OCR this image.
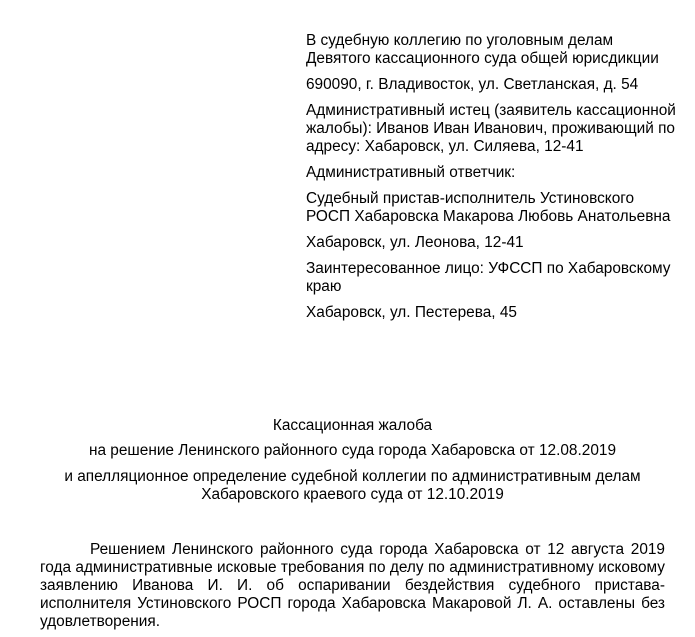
В судебную коллегию по уголовным делам Девятого кассационного суда общей юрисдикции

690090, г. Владивосток, ул. Светланская, д. 54

Административный истец (заявитель кассационной жалобы): Иванов Иван Иванович, проживающий по адресу: Хабаровск, ул. Силяева, 12-41

Административный ответчик:

Судебный пристав-исполнитель Устиновского РОСП Хабаровска Макарова Любовь Анатольевна

Хабаровск, ул. Леонова, 12-41

Заинтересованное лицо: УФССП по Хабаровскому краю

Хабаровск, ул. Пестерева, 45

Кассационная жалоба

на решение Ленинского районного суда города Хабаровска от 12.08.2019

и апелляционное определение судебной коллегии по административным делам Хабаровского краевого суда от 12.10.2019

Решением Ленинского районного суда города Хабаровска от 12 августа 2019 года административные исковые требования по делу по административному исковому заявлению Иванова И. И. об оспаривании бездействия судебного пристава-исполнителя Устиновского РОСП города Хабаровска Макаровой Л. А. оставлены без удовлетворения.
